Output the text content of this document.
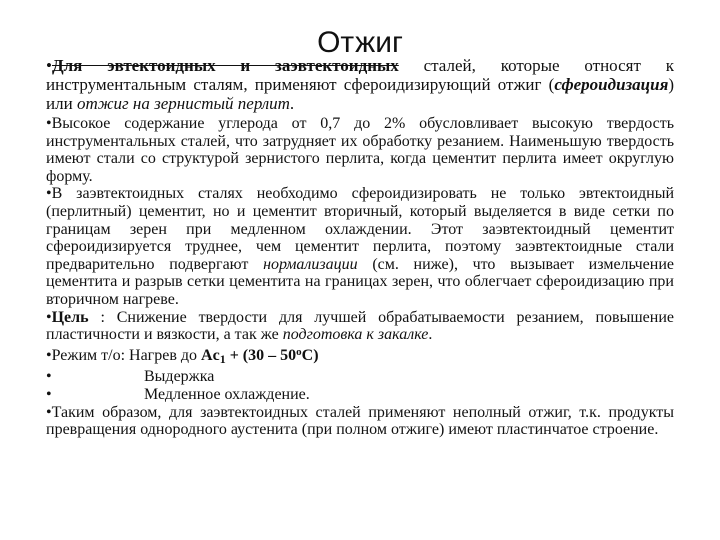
Отжиг

•Для эвтектоидных и заэвтектоидных сталей, которые относят к инструментальным сталям, применяют сфероидизирующий отжиг (сфероидизация) или отжиг на зернистый перлит.

•Высокое содержание углерода от 0,7 до 2% обусловливает высокую твердость инструментальных сталей, что затрудняет их обработку резанием. Наименьшую твердость имеют стали со структурой зернистого перлита, когда цементит перлита имеет округлую форму.

•В заэвтектоидных сталях необходимо сфероидизировать не только эвтектоидный (перлитный) цементит, но и цементит вторичный, который выделяется в виде сетки по границам зерен при медленном охлаждении. Этот заэвтектоидный цементит сфероидизируется труднее, чем цементит перлита, поэтому заэвтектоидные стали предварительно подвергают нормализации (см. ниже), что вызывает измельчение цементита и разрыв сетки цементита на границах зерен, что облегчает сфероидизацию при вторичном нагреве.

•Цель : Снижение твердости для лучшей обрабатываемости резанием, повышение пластичности и вязкости, а так же подготовка к закалке.

•Режим т/о: Нагрев до $Ac_1 + (30 - 50^oC)$

•	Выдержка

•	Медленное охлаждение.

•Таким образом, для заэвтектоидных сталей применяют неполный отжиг, т.к. продукты превращения однородного аустенита (при полном отжиге) имеют пластинчатое строение.
